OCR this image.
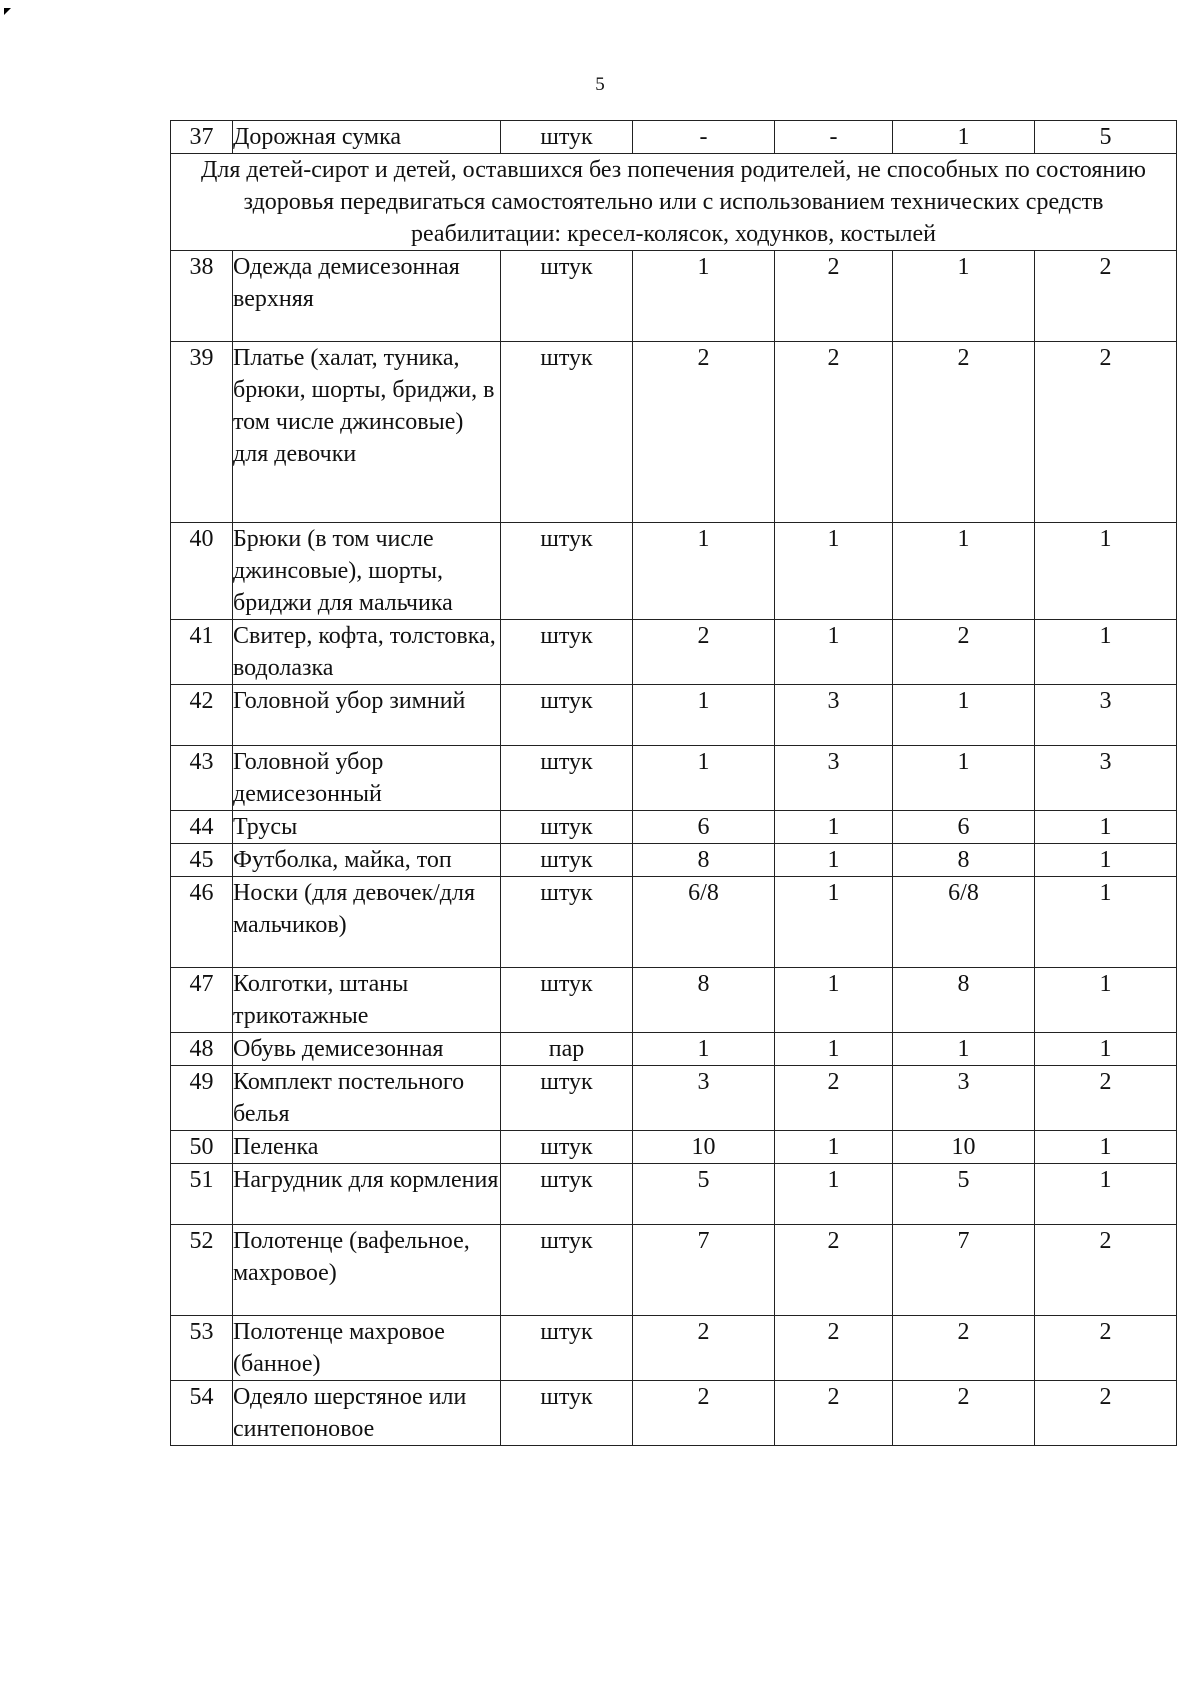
5
37	Дорожная сумка	штук	-	-	1	5
Для детей-сирот и детей, оставшихся без попечения родителей, не способных по состоянию здоровья передвигаться самостоятельно или с использованием технических средств реабилитации: кресел-колясок, ходунков, костылей						
38	Одежда демисезонная верхняя	штук	1	2	1	2
39	Платье (халат, туника, брюки, шорты, бриджи, в том числе джинсовые) для девочки	штук	2	2	2	2
40	Брюки (в том числе джинсовые), шорты, бриджи для мальчика	штук	1	1	1	1
41	Свитер, кофта, толстовка, водолазка	штук	2	1	2	1
42	Головной убор зимний	штук	1	3	1	3
43	Головной убор демисезонный	штук	1	3	1	3
44	Трусы	штук	6	1	6	1
45	Футболка, майка, топ	штук	8	1	8	1
46	Носки (для девочек/для мальчиков)	штук	6/8	1	6/8	1
47	Колготки, штаны трикотажные	штук	8	1	8	1
48	Обувь демисезонная	пар	1	1	1	1
49	Комплект постельного белья	штук	3	2	3	2
50	Пеленка	штук	10	1	10	1
51	Нагрудник для кормления	штук	5	1	5	1
52	Полотенце (вафельное, махровое)	штук	7	2	7	2
53	Полотенце махровое (банное)	штук	2	2	2	2
54	Одеяло шерстяное или синтепоновое	штук	2	2	2	2
